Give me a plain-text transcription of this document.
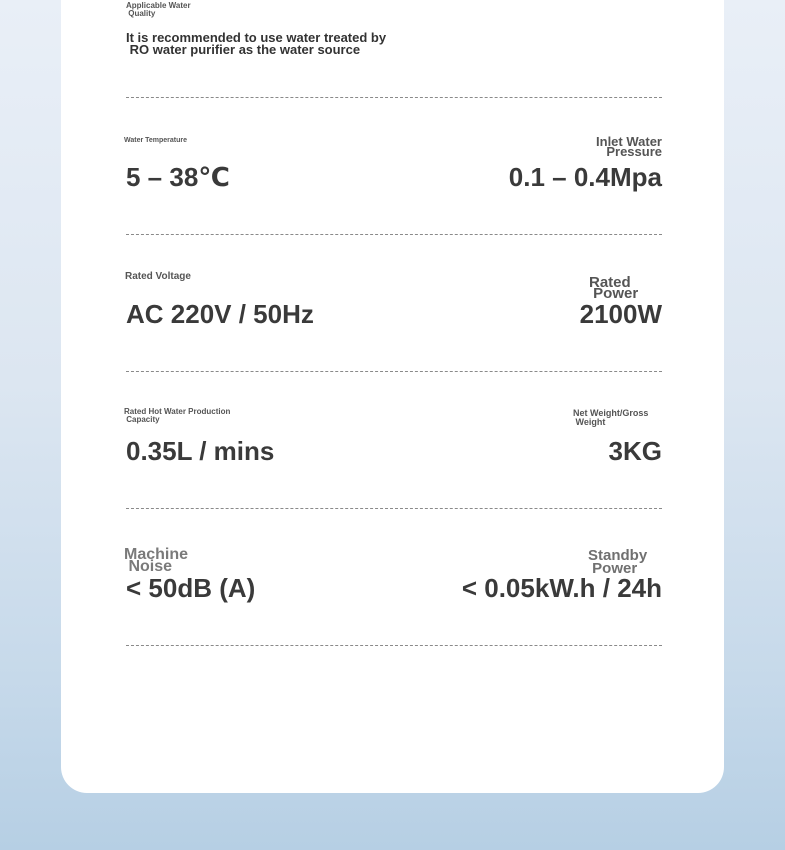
Applicable Water
Quality
It is recommended to use water treated by
RO water purifier as the water source
Water Temperature
5 – 38℃
Inlet Water
Pressure
0.1 – 0.4Mpa
Rated Voltage
AC 220V / 50Hz
Rated
Power
2100W
Rated Hot Water Production
Capacity
0.35L / mins
Net Weight/Gross
Weight
3KG
Machine
Noise
< 50dB (A)
Standby
Power
< 0.05kW.h / 24h
